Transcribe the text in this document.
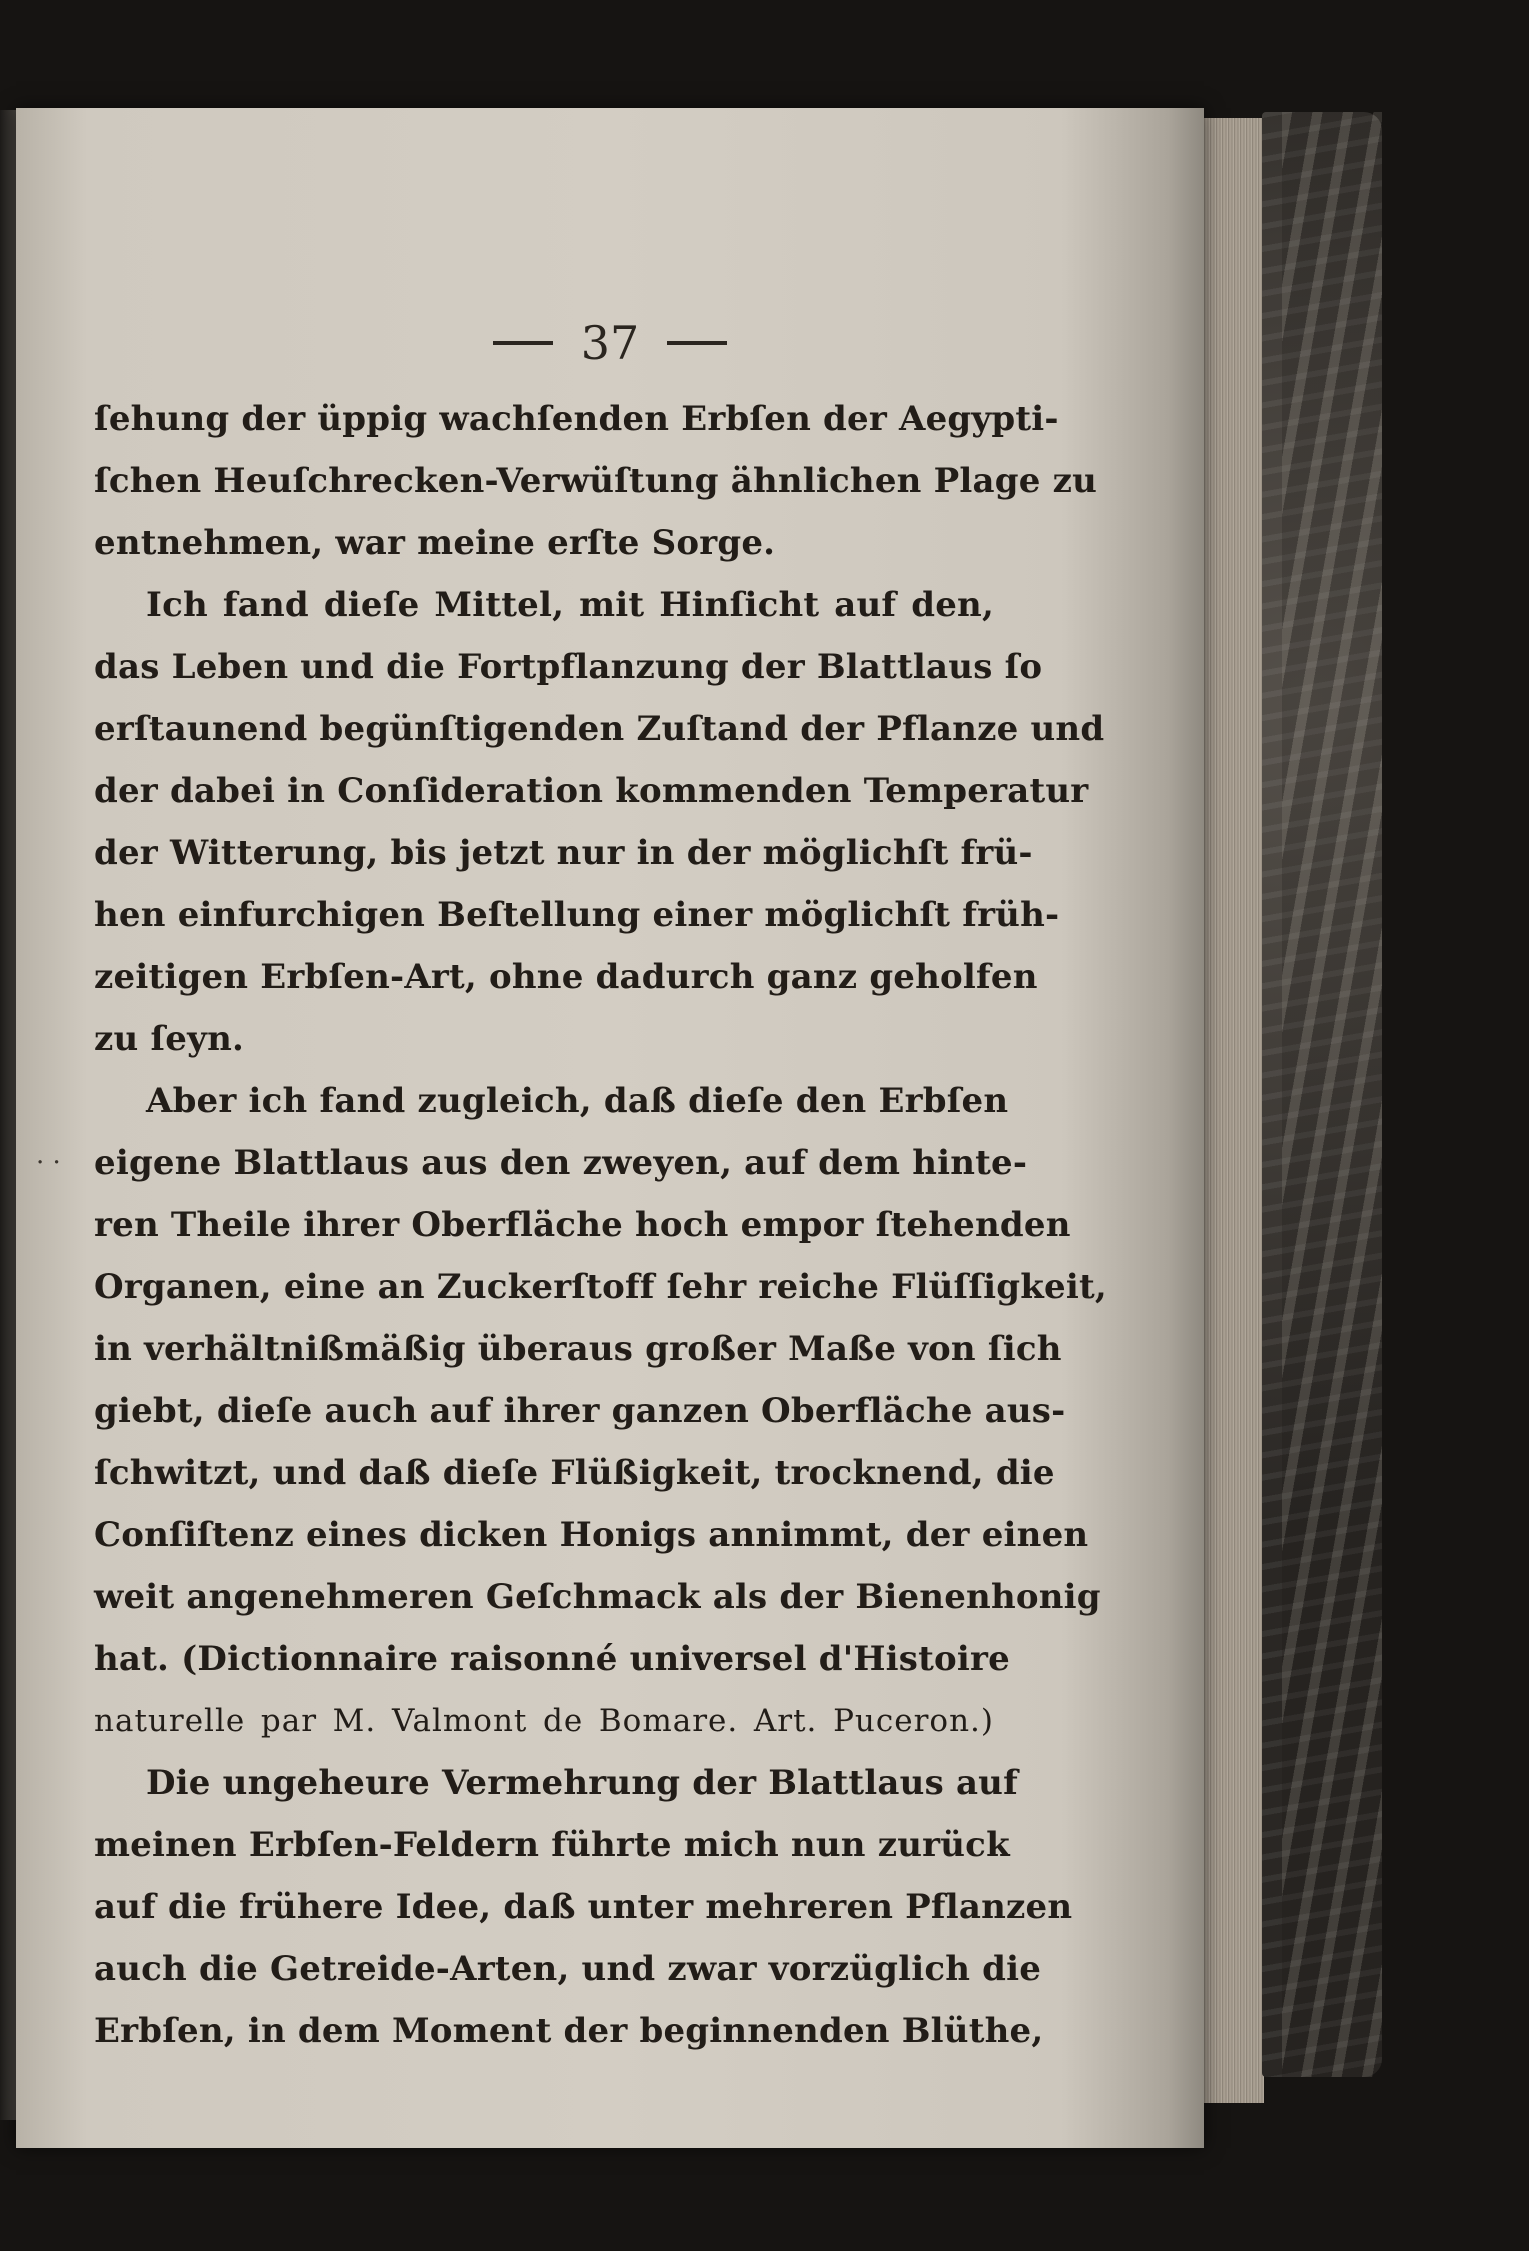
37
ſehung der üppig wachſenden Erbſen der Aegypti-
ſchen Heuſchrecken-Verwüſtung ähnlichen Plage zu
entnehmen, war meine erſte Sorge.
Ich fand dieſe Mittel, mit Hinſicht auf den,
das Leben und die Fortpflanzung der Blattlaus ſo
erſtaunend begünſtigenden Zuſtand der Pflanze und
der dabei in Conſideration kommenden Temperatur
der Witterung, bis jetzt nur in der möglichſt frü-
hen einfurchigen Beſtellung einer möglichſt früh-
zeitigen Erbſen-Art, ohne dadurch ganz geholfen
zu ſeyn.
Aber ich fand zugleich, daß dieſe den Erbſen
eigene Blattlaus aus den zweyen, auf dem hinte-
ren Theile ihrer Oberfläche hoch empor ſtehenden
Organen, eine an Zuckerſtoff ſehr reiche Flüſſigkeit,
in verhältnißmäßig überaus großer Maße von ſich
giebt, dieſe auch auf ihrer ganzen Oberfläche aus-
ſchwitzt, und daß dieſe Flüßigkeit, trocknend, die
Conſiſtenz eines dicken Honigs annimmt, der einen
weit angenehmeren Geſchmack als der Bienenhonig
hat. (Dictionnaire raisonné universel d'Histoire
naturelle par M. Valmont de Bomare. Art. Puceron.)
Die ungeheure Vermehrung der Blattlaus auf
meinen Erbſen-Feldern führte mich nun zurück
auf die frühere Idee, daß unter mehreren Pflanzen
auch die Getreide-Arten, und zwar vorzüglich die
Erbſen, in dem Moment der beginnenden Blüthe,
· ·
